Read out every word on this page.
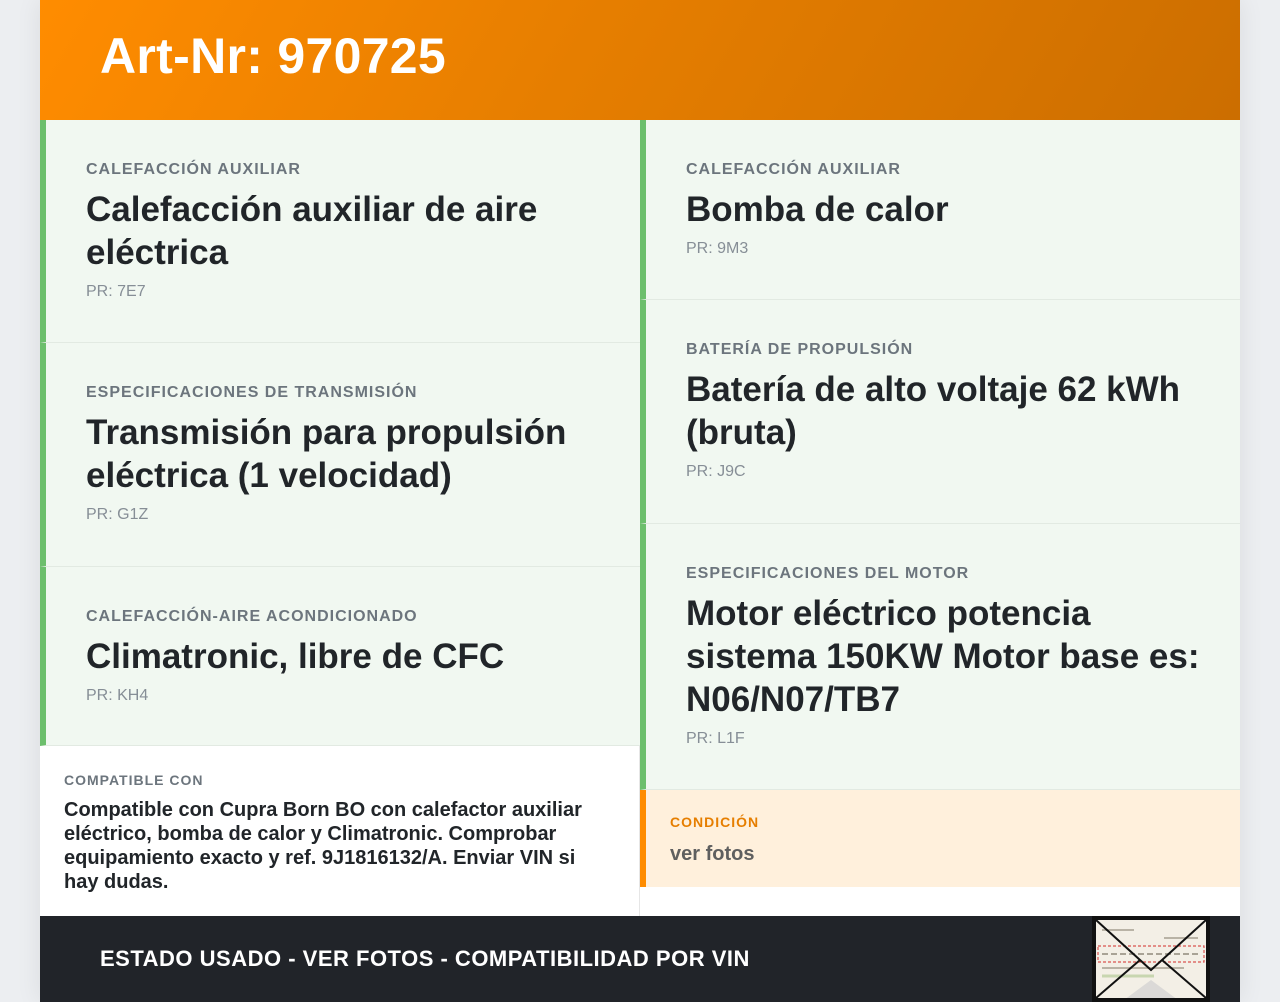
Art-Nr: 970725
CALEFACCIÓN AUXILIAR
Calefacción auxiliar de aire eléctrica
PR: 7E7
ESPECIFICACIONES DE TRANSMISIÓN
Transmisión para propulsión eléctrica (1 velocidad)
PR: G1Z
CALEFACCIÓN-AIRE ACONDICIONADO
Climatronic, libre de CFC
PR: KH4
COMPATIBLE CON
Compatible con Cupra Born BO con calefactor auxiliar eléctrico, bomba de calor y Climatronic. Comprobar equipamiento exacto y ref. 9J1816132/A. Enviar VIN si hay dudas.
CALEFACCIÓN AUXILIAR
Bomba de calor
PR: 9M3
BATERÍA DE PROPULSIÓN
Batería de alto voltaje 62 kWh (bruta)
PR: J9C
ESPECIFICACIONES DEL MOTOR
Motor eléctrico potencia sistema 150KW Motor base es: N06/N07/TB7
PR: L1F
CONDICIÓN
ver fotos
ESTADO USADO - VER FOTOS - COMPATIBILIDAD POR VIN
